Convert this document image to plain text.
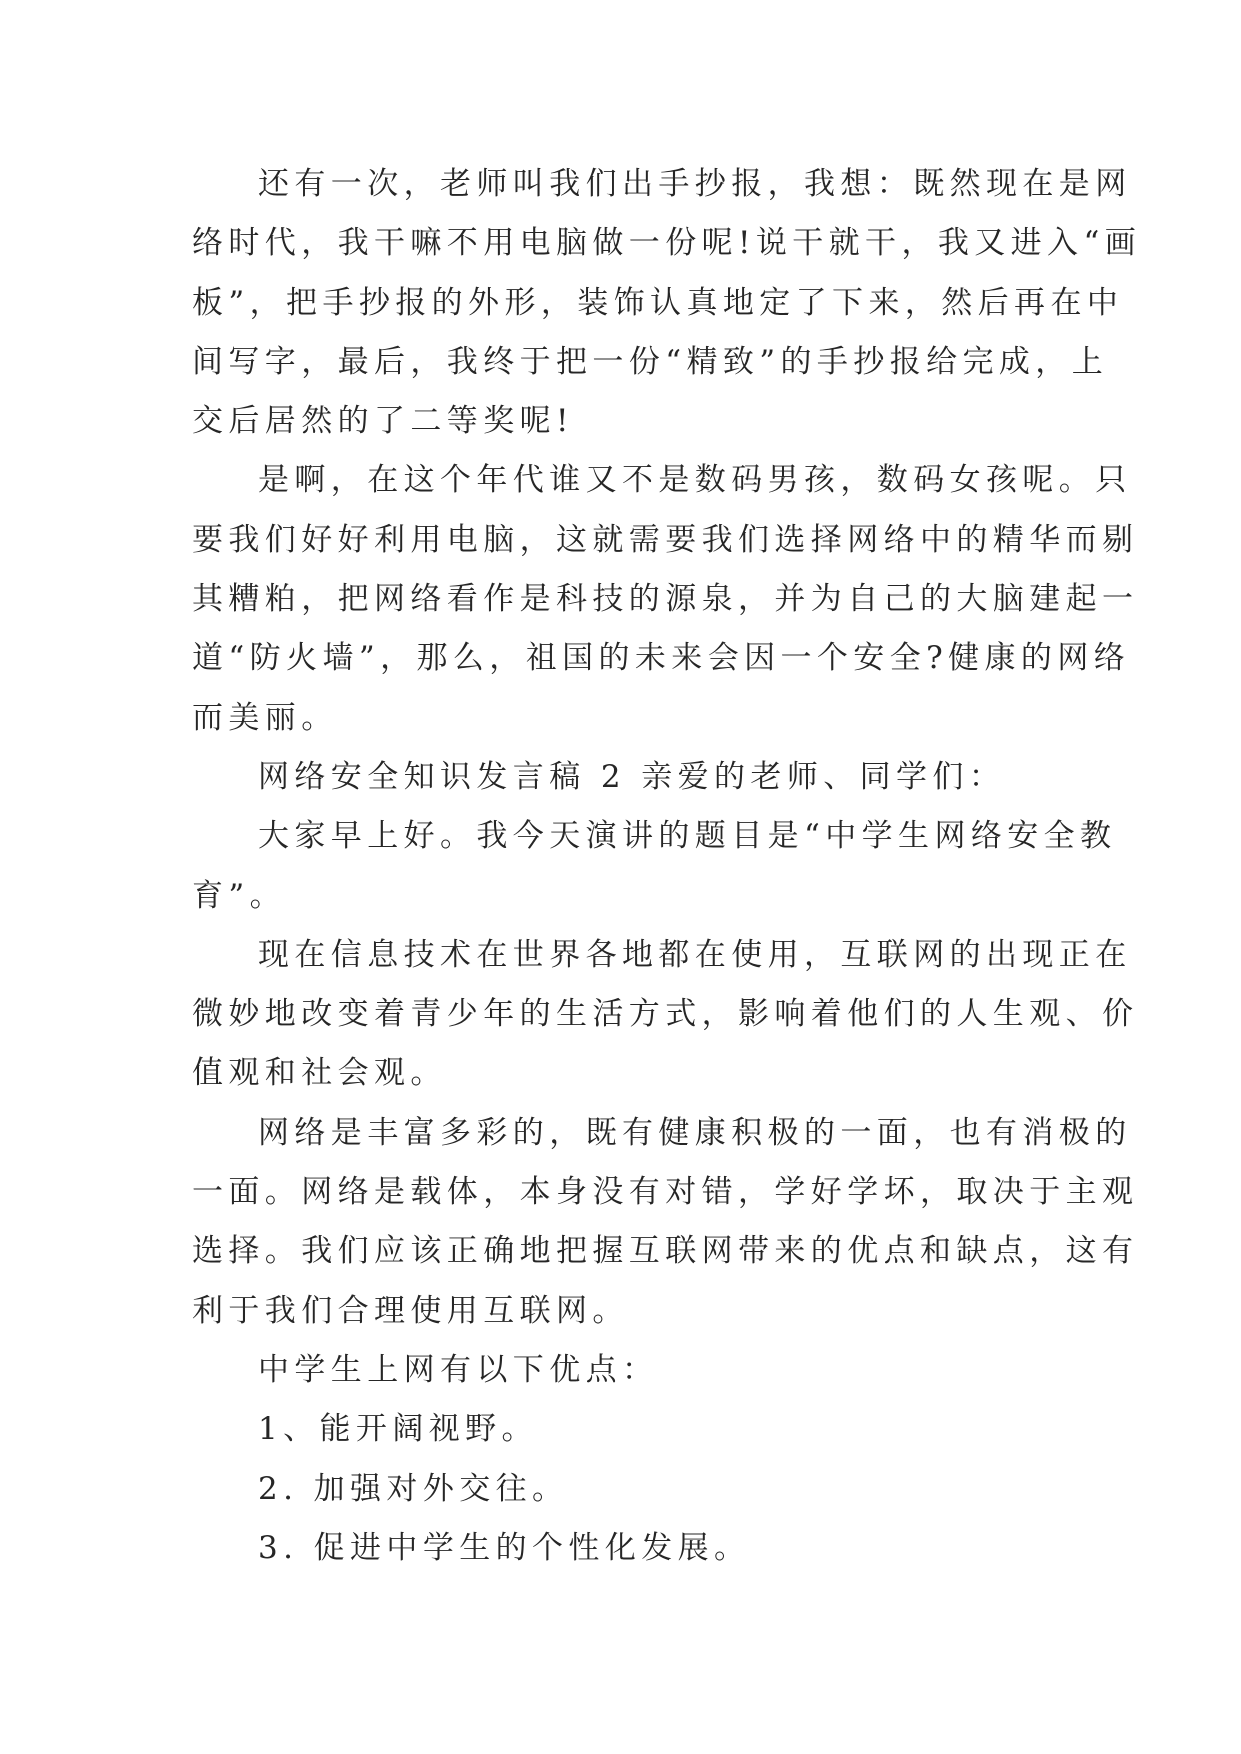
还有一次，老师叫我们出手抄报，我想：既然现在是网
络时代，我干嘛不用电脑做一份呢!说干就干，我又进入“画
板”，把手抄报的外形，装饰认真地定了下来，然后再在中
间写字，最后，我终于把一份“精致”的手抄报给完成，上
交后居然的了二等奖呢!
是啊，在这个年代谁又不是数码男孩，数码女孩呢。只
要我们好好利用电脑，这就需要我们选择网络中的精华而剔
其糟粕，把网络看作是科技的源泉，并为自己的大脑建起一
道“防火墙”，那么，祖国的未来会因一个安全?健康的网络
而美丽。
网络安全知识发言稿 2 亲爱的老师、同学们：
大家早上好。我今天演讲的题目是“中学生网络安全教
育”。
现在信息技术在世界各地都在使用，互联网的出现正在
微妙地改变着青少年的生活方式，影响着他们的人生观、价
值观和社会观。
网络是丰富多彩的，既有健康积极的一面，也有消极的
一面。网络是载体，本身没有对错，学好学坏，取决于主观
选择。我们应该正确地把握互联网带来的优点和缺点，这有
利于我们合理使用互联网。
中学生上网有以下优点：
1、能开阔视野。
2. 加强对外交往。
3. 促进中学生的个性化发展。
